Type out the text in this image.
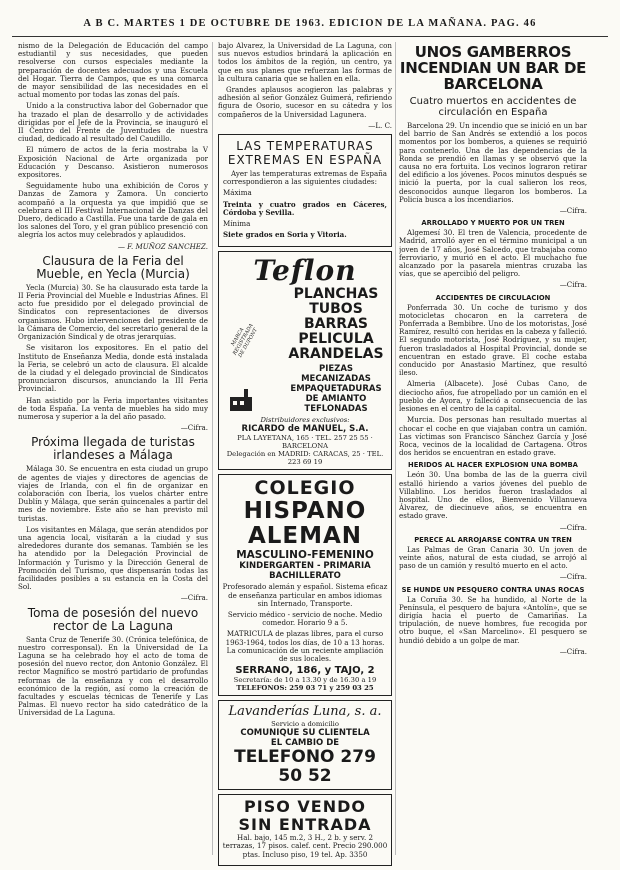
A B C. MARTES 1 DE OCTUBRE DE 1963. EDICION DE LA MAÑANA. PAG. 46

nismo de la Delegación de Educación del campo estudiantil y sus necesidades, que pueden resolverse con cursos especiales mediante la preparación de docentes adecuados y una Escuela del Hogar. Tierra de Campos, que es una comarca de mayor sensibilidad de las necesidades en el actual momento por todas las zonas del país.

Unido a la constructiva labor del Gobernador que ha trazado el plan de desarrollo y de actividades dirigidas por el Jefe de la Provincia, se inauguró el II Centro del Frente de Juventudes de nuestra ciudad, dedicado al resultado del Caudillo.

El número de actos de la feria mostraba la V Exposición Nacional de Arte organizada por Educación y Descanso. Asistieron numerosos expositores.

Seguidamente hubo una exhibición de Coros y Danzas de Zamora y Zamora. Un concierto acompañó a la orquesta ya que impidió que se celebrara el III Festival Internacional de Danzas del Duero, dedicado a Castilla. Fue una tarde de gala en los salones del Toro, y el gran público presenció con alegría los actos muy celebrados y aplaudidos.

— F. MUÑOZ SANCHEZ.

Clausura de la Feria del Mueble, en Yecla (Murcia)

Yecla (Murcia) 30. Se ha clausurado esta tarde la II Feria Provincial del Mueble e Industrias Afines. El acto fue presidido por el delegado provincial de Sindicatos con representaciones de diversos organismos. Hubo intervenciones del presidente de la Cámara de Comercio, del secretario general de la Organización Sindical y de otras jerarquías.

Se visitaron los expositores. En el patio del Instituto de Enseñanza Media, donde está instalada la Feria, se celebró un acto de clausura. El alcalde de la ciudad y el delegado provincial de Sindicatos pronunciaron discursos, anunciando la III Feria Provincial.

Han asistido por la Feria importantes visitantes de toda España. La venta de muebles ha sido muy numerosa y superior a la del año pasado.

—Cifra.

Próxima llegada de turistas irlandeses a Málaga

Málaga 30. Se encuentra en esta ciudad un grupo de agentes de viajes y directores de agencias de viajes de Irlanda, con el fin de organizar en colaboración con Iberia, los vuelos chárter entre Dublín y Málaga, que serán quincenales a partir del mes de noviembre. Este año se han previsto mil turistas.

Los visitantes en Málaga, que serán atendidos por una agencia local, visitarán a la ciudad y sus alrededores durante dos semanas. También se les ha atendido por la Delegación Provincial de Información y Turismo y la Dirección General de Promoción del Turismo, que dispensarán todas las facilidades posibles a su estancia en la Costa del Sol.

—Cifra.

Toma de posesión del nuevo rector de La Laguna

Santa Cruz de Tenerife 30. (Crónica telefónica, de nuestro corresponsal). En la Universidad de La Laguna se ha celebrado hoy el acto de toma de posesión del nuevo rector, don Antonio González. El rector Magnífico se mostró partidario de profundas reformas de la enseñanza y con el desarrollo económico de la región, así como la creación de facultades y escuelas técnicas de Tenerife y Las Palmas. El nuevo rector ha sido catedrático de la Universidad de La Laguna.

bajo Alvarez, la Universidad de La Laguna, con sus nuevos estudios brindará la aplicación en todos los ámbitos de la región, un centro, ya que en sus planes que refuerzan las formas de la cultura canaria que se hallen en ella.

Grandes aplausos acogieron las palabras y adhesión al señor González Guimerá, refiriendo figura de Osorio, sucesor en su cátedra y los compañeros de la Universidad Lagunera.

—L. C.

LAS TEMPERATURAS EXTREMAS EN ESPAÑA

Ayer las temperaturas extremas de España correspondieron a las siguientes ciudades:

Máxima

Treinta y cuatro grados en Cáceres, Córdoba y Sevilla.

Mínima

Siete grados en Soria y Vitoria.

Teflon
MARCA REGISTRADA DE DUPONT
PLANCHAS
TUBOS
BARRAS
PELICULA
ARANDELAS
PIEZAS MECANIZADAS
EMPAQUETADURAS DE AMIANTO TEFLONADAS
Distribuidores exclusivos:
RICARDO de MANUEL, S.A.
PLA LAYETANA, 165 · TEL. 257 25 55 · BARCELONA
Delegación en MADRID: CARACAS, 25 · TEL. 223 69 19
COLEGIO
HISPANO ALEMAN
MASCULINO-FEMENINO
KINDERGARTEN - PRIMARIA
BACHILLERATO

Profesorado alemán y español. Sistema eficaz de enseñanza particular en ambos idiomas sin Internado, Transporte.

Servicio médico - servicio de noche. Medio comedor. Horario 9 a 5.

MATRICULA de plazas libres, para el curso 1963-1964, todos los días, de 10 a 13 horas. La comunicación de un reciente ampliación de sus locales.

SERRANO, 186, y TAJO, 2
Secretaría: de 10 a 13.30 y de 16.30 a 19
TELEFONOS: 259 03 71 y 259 03 25
Lavanderías Luna, s. a.
Servicio a domicilio
COMUNIQUE SU CLIENTELA
EL CAMBIO DE
TELEFONO 279 50 52
PISO VENDO
SIN ENTRADA

Hal. bajo, 145 m.2, 3 H., 2 b. y serv. 2 terrazas, 17 pisos. calef. cent. Precio 290.000 ptas. Incluso piso, 19 tel. Ap. 3350

UNOS GAMBERROS INCENDIAN UN BAR DE BARCELONA
Cuatro muertos en accidentes de circulación en España

Barcelona 29. Un incendio que se inició en un bar del barrio de San Andrés se extendió a los pocos momentos por los bomberos, a quienes se requirió para contenerlo. Una de las dependencias de la Ronda se prendió en llamas y se observó que la causa no era fortuita. Los vecinos lograron retirar del edificio a los jóvenes. Pocos minutos después se inició la puerta, por la cual salieron los reos, desconocidos aunque llegaron los bomberos. La Policía busca a los incendiarios.

—Cifra.

ARROLLADO Y MUERTO POR UN TREN

Algemesí 30. El tren de Valencia, procedente de Madrid, arrolló ayer en el término municipal a un joven de 17 años, José Salcedo, que trabajaba como ferroviario, y murió en el acto. El muchacho fue alcanzado por la pasarela mientras cruzaba las vías, que se apercibió del peligro.

—Cifra.

ACCIDENTES DE CIRCULACION

Ponferrada 30. Un coche de turismo y dos motocicletas chocaron en la carretera de Ponferrada a Bembibre. Uno de los motoristas, José Ramírez, resultó con heridas en la cabeza y falleció. El segundo motorista, José Rodríguez, y su mujer, fueron trasladados al Hospital Provincial, donde se encuentran en estado grave. El coche estaba conducido por Anastasio Martínez, que resultó ileso.

Almeria (Albacete). José Cubas Cano, de dieciocho años, fue atropellado por un camión en el pueblo de Ayora, y falleció a consecuencia de las lesiones en el centro de la capital.

Murcia. Dos personas han resultado muertas al chocar el coche en que viajaban contra un camión. Las víctimas son Francisco Sánchez García y José Roca, vecinos de la localidad de Cartagena. Otros dos heridos se encuentran en estado grave.

HERIDOS AL HACER EXPLOSION UNA BOMBA

León 30. Una bomba de las de la guerra civil estalló hiriendo a varios jóvenes del pueblo de Villablino. Los heridos fueron trasladados al hospital. Uno de ellos, Bienvenido Villanueva Álvarez, de diecinueve años, se encuentra en estado grave.

—Cifra.

PERECE AL ARROJARSE CONTRA UN TREN

Las Palmas de Gran Canaria 30. Un joven de veinte años, natural de esta ciudad, se arrojó al paso de un camión y resultó muerto en el acto.

—Cifra.

SE HUNDE UN PESQUERO CONTRA UNAS ROCAS

La Coruña 30. Se ha hundido, al Norte de la Península, el pesquero de bajura «Antolín», que se dirigía hacia el puerto de Camariñas. La tripulación, de nueve hombres, fue recogida por otro buque, el «San Marcelino». El pesquero se hundió debido a un golpe de mar.

—Cifra.
